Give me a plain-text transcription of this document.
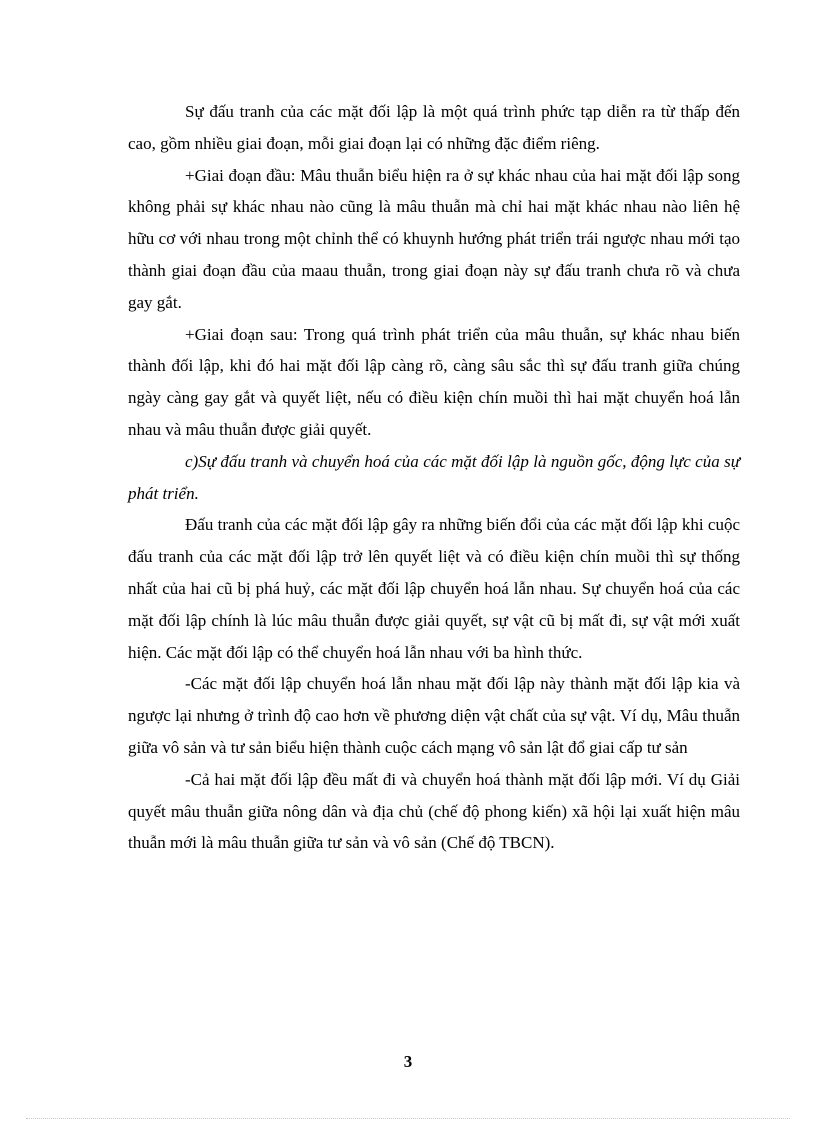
Sự đấu tranh của các mặt đối lập là một quá trình phức tạp diễn ra từ thấp đến cao, gồm nhiều giai đoạn, mỗi giai đoạn lại có những đặc điểm riêng.

+Giai đoạn đầu: Mâu thuẫn biểu hiện ra ở sự khác nhau của hai mặt đối lập song không phải sự khác nhau nào cũng là mâu thuẫn mà chỉ hai mặt khác nhau nào liên hệ hữu cơ với nhau trong một chỉnh thể có khuynh hướng phát triển trái ngược nhau mới tạo thành giai đoạn đầu của maau thuẫn, trong giai đoạn này sự đấu tranh chưa rõ và chưa gay gắt.

+Giai đoạn sau: Trong quá trình phát triển của mâu thuẫn, sự khác nhau biến thành đối lập, khi đó hai mặt đối lập càng rõ, càng sâu sắc thì sự đấu tranh giữa chúng ngày càng gay gắt và quyết liệt, nếu có điều kiện chín muồi thì hai mặt chuyển hoá lẫn nhau và mâu thuẫn được giải quyết.

c)Sự đấu tranh và chuyển hoá của các mặt đối lập là nguồn gốc, động lực của sự phát triển.

Đấu tranh của các mặt đối lập gây ra những biến đổi của các mặt đối lập khi cuộc đấu tranh của các mặt đối lập trở lên quyết liệt và có điều kiện chín muồi thì sự thống nhất của hai cũ bị phá huỷ, các mặt đối lập chuyển hoá lẫn nhau. Sự chuyển hoá của các mặt đối lập chính là lúc mâu thuẫn được giải quyết, sự vật cũ bị mất đi, sự vật mới xuất hiện. Các mặt đối lập có thể chuyển hoá lẫn nhau với ba hình thức.

-Các mặt đối lập chuyển hoá lẫn nhau mặt đối lập này thành mặt đối lập kia và ngược lại nhưng ở trình độ cao hơn về phương diện vật chất của sự vật. Ví dụ, Mâu thuẫn giữa vô sản và tư sản biểu hiện thành cuộc cách mạng vô sản lật đổ giai cấp tư sản

-Cả hai mặt đối lập đều mất đi và chuyển hoá thành mặt đối lập mới. Ví dụ Giải quyết mâu thuẫn giữa nông dân và địa chủ (chế độ phong kiến) xã hội lại xuất hiện mâu thuẫn mới là mâu thuẫn giữa tư sản và vô sản (Chế độ TBCN).

3
